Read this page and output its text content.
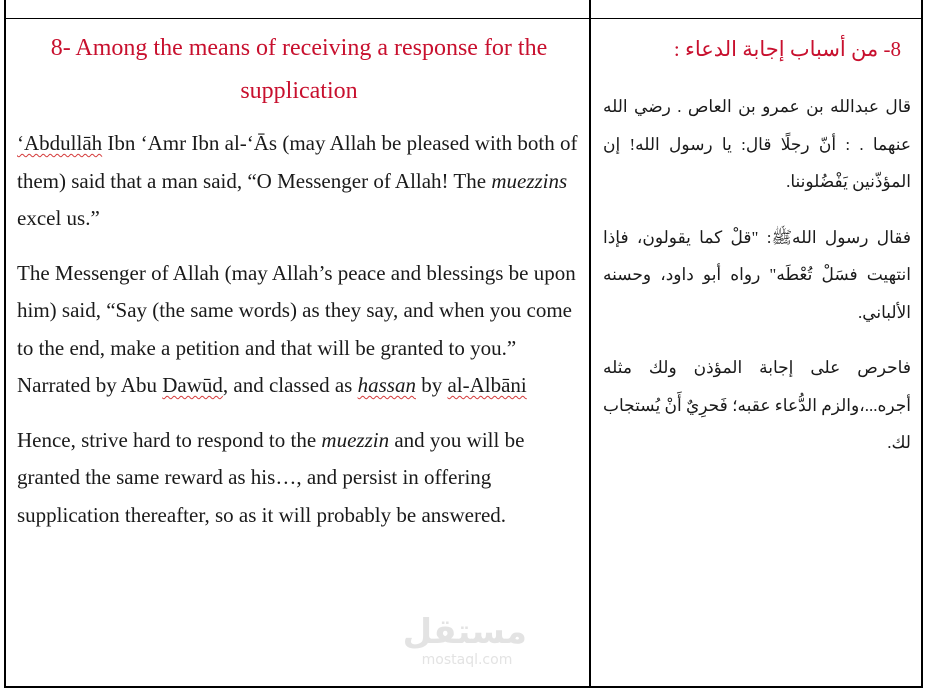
8- Among the means of receiving a response for the supplication

‘Abdullāh Ibn ‘Amr Ibn al-‘Ās (may Allah be pleased with both of them) said that a man said, “O Messenger of Allah! The muezzins excel us.”

The Messenger of Allah (may Allah’s peace and blessings be upon him) said, “Say (the same words) as they say, and when you come to the end, make a petition and that will be granted to you.” Narrated by Abu Dawūd, and classed as hassan by al-Albāni

Hence, strive hard to respond to the muezzin and you will be granted the same reward as his…, and persist in offering supplication thereafter, so as it will probably be answered.

8- من أسباب إجابة الدعاء :

قال عبدالله بن عمرو بن العاص . رضي الله عنهما . : أنّ رجلًا قال: يا رسول الله! إن المؤذّنين يَفْضُلوننا.

فقال رسول اللهﷺ: "قلْ كما يقولون، فإذا انتهيت فسَلْ تُعْطَه" رواه أبو داود، وحسنه الألباني.

فاحرص على إجابة المؤذن ولك مثله أجره...،والزم الدُّعاء عقبه؛ فَحرِيٌ أَنْ يُستجاب لك.

مستقل
mostaql.com
